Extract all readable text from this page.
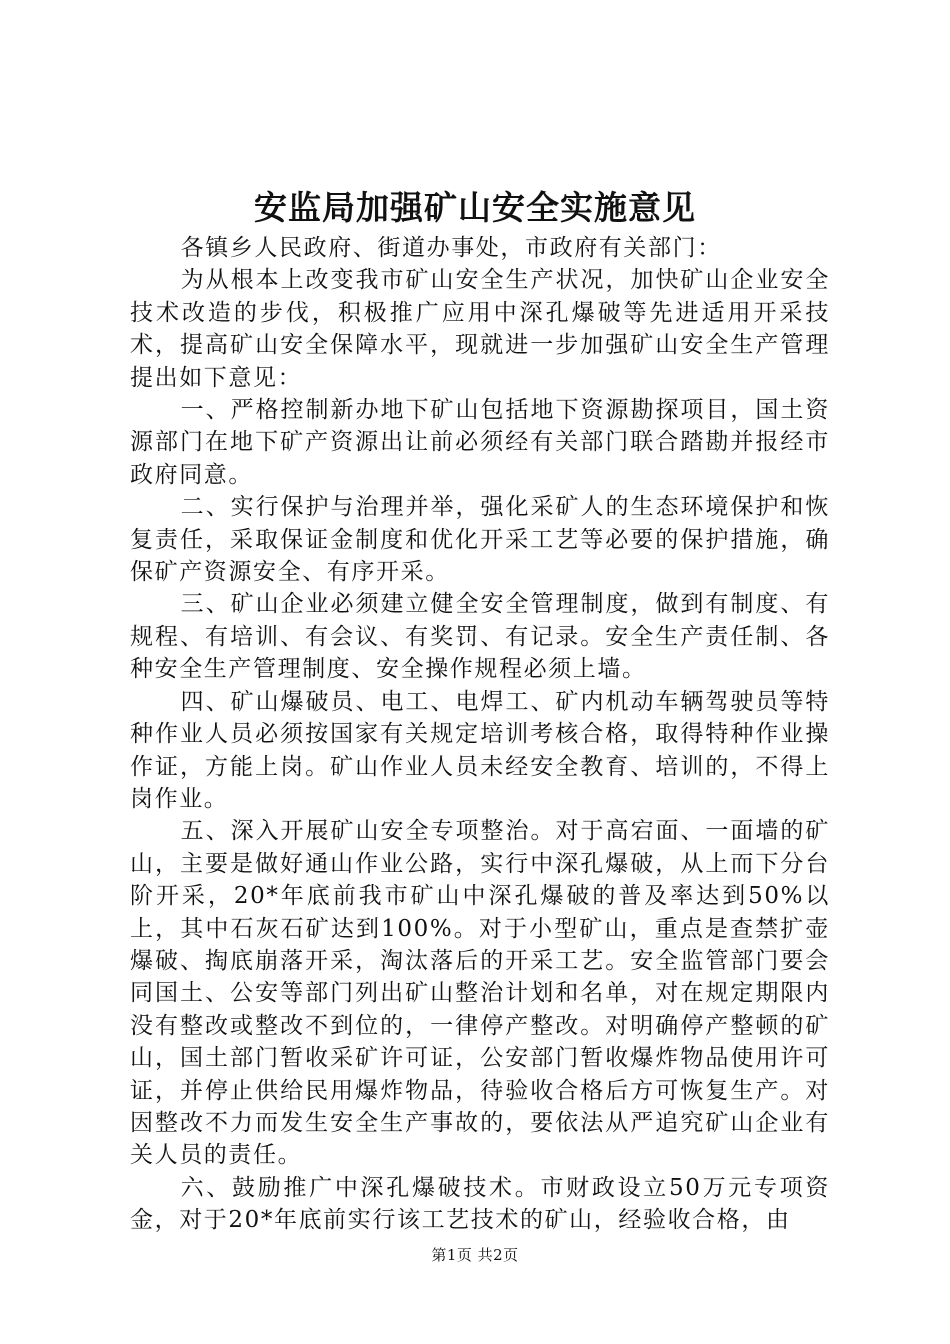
安监局加强矿山安全实施意见

各镇乡人民政府、街道办事处，市政府有关部门：

为从根本上改变我市矿山安全生产状况，加快矿山企业安全技术改造的步伐，积极推广应用中深孔爆破等先进适用开采技术，提高矿山安全保障水平，现就进一步加强矿山安全生产管理提出如下意见：

一、严格控制新办地下矿山包括地下资源勘探项目，国土资源部门在地下矿产资源出让前必须经有关部门联合踏勘并报经市政府同意。

二、实行保护与治理并举，强化采矿人的生态环境保护和恢复责任，采取保证金制度和优化开采工艺等必要的保护措施，确保矿产资源安全、有序开采。

三、矿山企业必须建立健全安全管理制度，做到有制度、有规程、有培训、有会议、有奖罚、有记录。安全生产责任制、各种安全生产管理制度、安全操作规程必须上墙。

四、矿山爆破员、电工、电焊工、矿内机动车辆驾驶员等特种作业人员必须按国家有关规定培训考核合格，取得特种作业操作证，方能上岗。矿山作业人员未经安全教育、培训的，不得上岗作业。

五、深入开展矿山安全专项整治。对于高宕面、一面墙的矿山，主要是做好通山作业公路，实行中深孔爆破，从上而下分台阶开采，20*年底前我市矿山中深孔爆破的普及率达到50%以上，其中石灰石矿达到100%。对于小型矿山，重点是查禁扩壶爆破、掏底崩落开采，淘汰落后的开采工艺。安全监管部门要会同国土、公安等部门列出矿山整治计划和名单，对在规定期限内没有整改或整改不到位的，一律停产整改。对明确停产整顿的矿山，国土部门暂收采矿许可证，公安部门暂收爆炸物品使用许可证，并停止供给民用爆炸物品，待验收合格后方可恢复生产。对因整改不力而发生安全生产事故的，要依法从严追究矿山企业有关人员的责任。

六、鼓励推广中深孔爆破技术。市财政设立50万元专项资金，对于20*年底前实行该工艺技术的矿山，经验收合格，由

第1页 共2页
